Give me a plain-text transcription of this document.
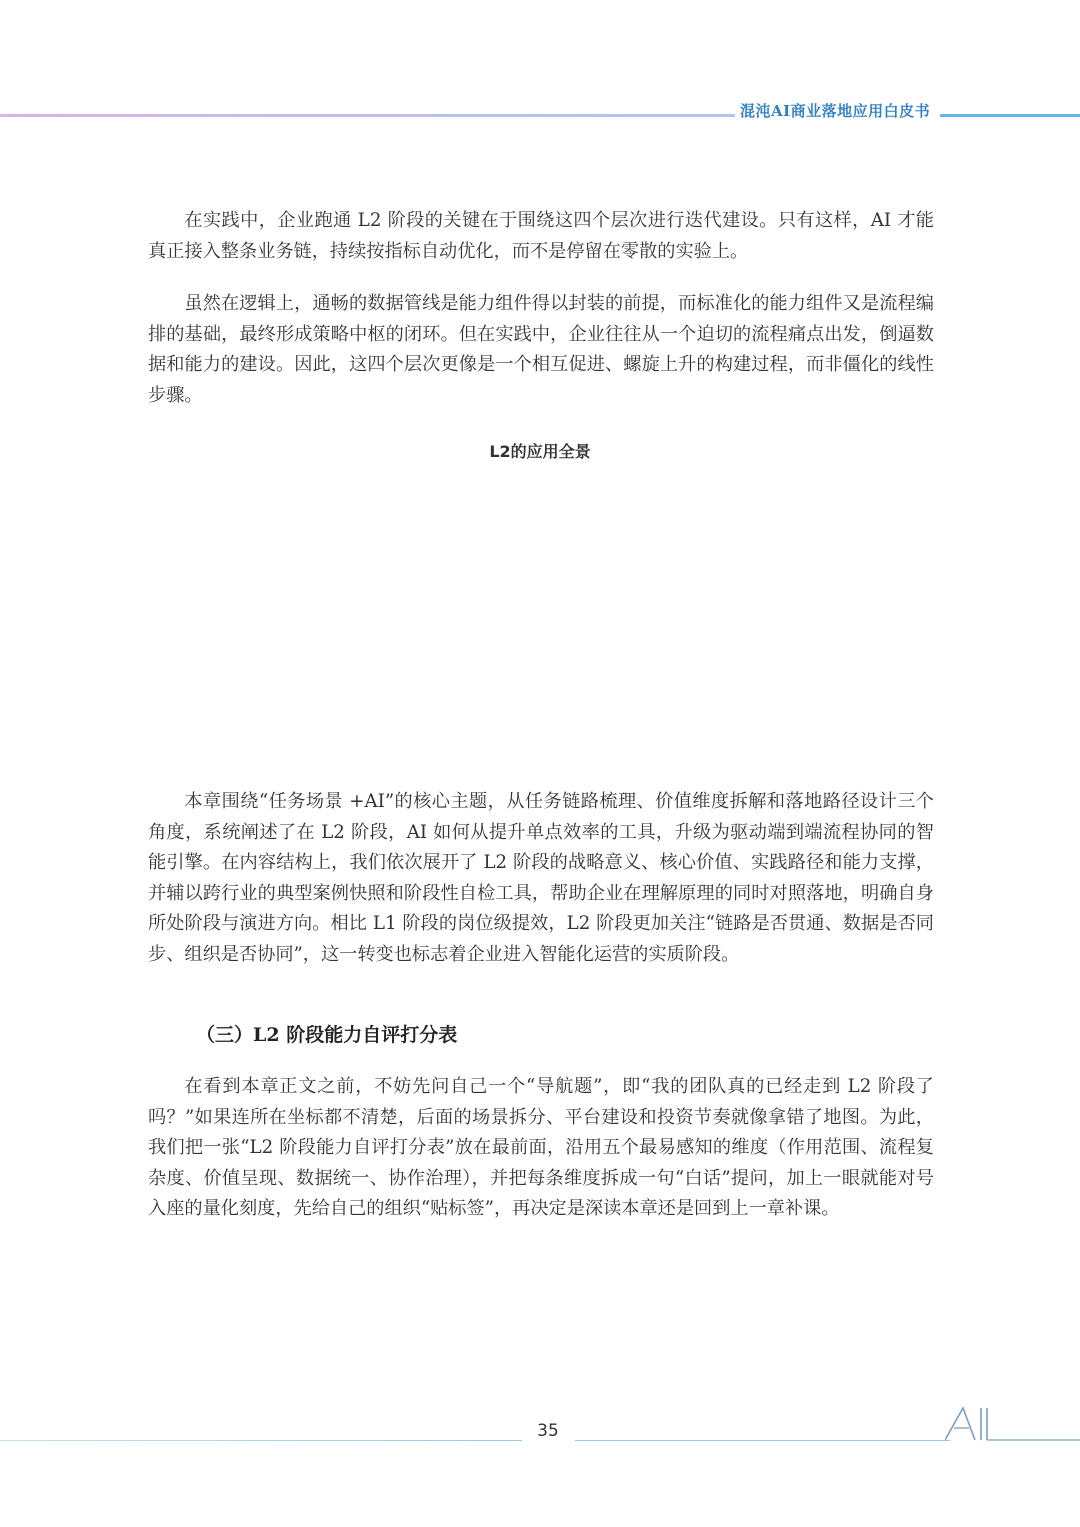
混沌AI商业落地应用白皮书

在实践中，企业跑通 L2 阶段的关键在于围绕这四个层次进行迭代建设。只有这样，AI 才能真正接入整条业务链，持续按指标自动优化，而不是停留在零散的实验上。

虽然在逻辑上，通畅的数据管线是能力组件得以封装的前提，而标准化的能力组件又是流程编排的基础，最终形成策略中枢的闭环。但在实践中，企业往往从一个迫切的流程痛点出发，倒逼数据和能力的建设。因此，这四个层次更像是一个相互促进、螺旋上升的构建过程，而非僵化的线性步骤。

L2的应用全景

本章围绕“任务场景 +AI”的核心主题，从任务链路梳理、价值维度拆解和落地路径设计三个角度，系统阐述了在 L2 阶段，AI 如何从提升单点效率的工具，升级为驱动端到端流程协同的智能引擎。在内容结构上，我们依次展开了 L2 阶段的战略意义、核心价值、实践路径和能力支撑，并辅以跨行业的典型案例快照和阶段性自检工具，帮助企业在理解原理的同时对照落地，明确自身所处阶段与演进方向。相比 L1 阶段的岗位级提效，L2 阶段更加关注“链路是否贯通、数据是否同步、组织是否协同”，这一转变也标志着企业进入智能化运营的实质阶段。

（三）L2 阶段能力自评打分表

在看到本章正文之前，不妨先问自己一个“导航题”，即“我的团队真的已经走到 L2 阶段了吗？”如果连所在坐标都不清楚，后面的场景拆分、平台建设和投资节奏就像拿错了地图。为此，我们把一张“L2 阶段能力自评打分表”放在最前面，沿用五个最易感知的维度（作用范围、流程复杂度、价值呈现、数据统一、协作治理），并把每条维度拆成一句“白话”提问，加上一眼就能对号入座的量化刻度，先给自己的组织“贴标签”，再决定是深读本章还是回到上一章补课。

35
